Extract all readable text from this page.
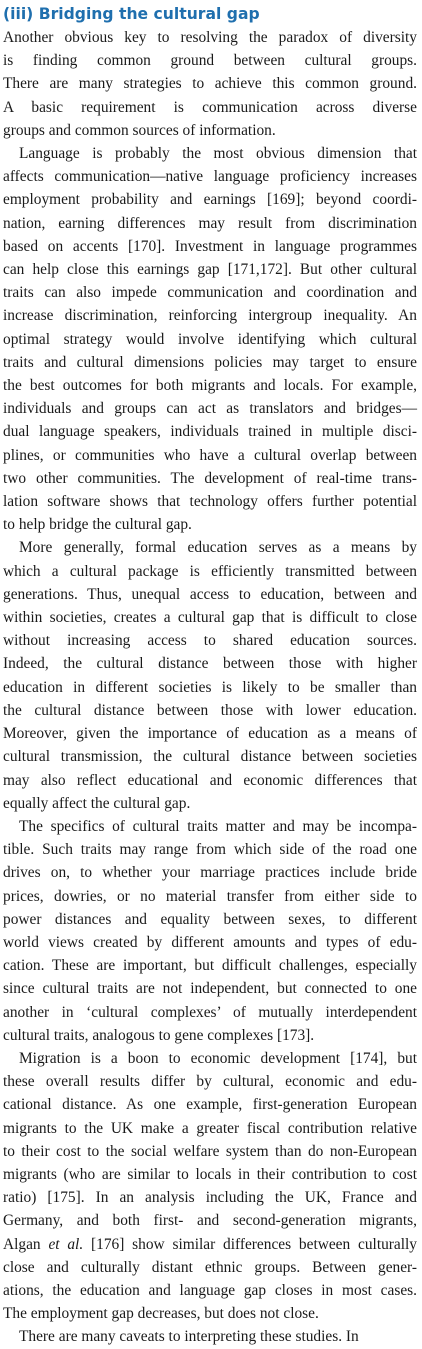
(iii) Bridging the cultural gap
Another obvious key to resolving the paradox of diversity
is finding common ground between cultural groups.
There are many strategies to achieve this common ground.
A basic requirement is communication across diverse
groups and common sources of information.
Language is probably the most obvious dimension that
affects communication—native language proficiency increases
employment probability and earnings [169]; beyond coordi-
nation, earning differences may result from discrimination
based on accents [170]. Investment in language programmes
can help close this earnings gap [171,172]. But other cultural
traits can also impede communication and coordination and
increase discrimination, reinforcing intergroup inequality. An
optimal strategy would involve identifying which cultural
traits and cultural dimensions policies may target to ensure
the best outcomes for both migrants and locals. For example,
individuals and groups can act as translators and bridges—
dual language speakers, individuals trained in multiple disci-
plines, or communities who have a cultural overlap between
two other communities. The development of real-time trans-
lation software shows that technology offers further potential
to help bridge the cultural gap.
More generally, formal education serves as a means by
which a cultural package is efficiently transmitted between
generations. Thus, unequal access to education, between and
within societies, creates a cultural gap that is difficult to close
without increasing access to shared education sources.
Indeed, the cultural distance between those with higher
education in different societies is likely to be smaller than
the cultural distance between those with lower education.
Moreover, given the importance of education as a means of
cultural transmission, the cultural distance between societies
may also reflect educational and economic differences that
equally affect the cultural gap.
The specifics of cultural traits matter and may be incompa-
tible. Such traits may range from which side of the road one
drives on, to whether your marriage practices include bride
prices, dowries, or no material transfer from either side to
power distances and equality between sexes, to different
world views created by different amounts and types of edu-
cation. These are important, but difficult challenges, especially
since cultural traits are not independent, but connected to one
another in ‘cultural complexes’ of mutually interdependent
cultural traits, analogous to gene complexes [173].
Migration is a boon to economic development [174], but
these overall results differ by cultural, economic and edu-
cational distance. As one example, first-generation European
migrants to the UK make a greater fiscal contribution relative
to their cost to the social welfare system than do non-European
migrants (who are similar to locals in their contribution to cost
ratio) [175]. In an analysis including the UK, France and
Germany, and both first- and second-generation migrants,
Algan et al. [176] show similar differences between culturally
close and culturally distant ethnic groups. Between gener-
ations, the education and language gap closes in most cases.
The employment gap decreases, but does not close.
There are many caveats to interpreting these studies. In
